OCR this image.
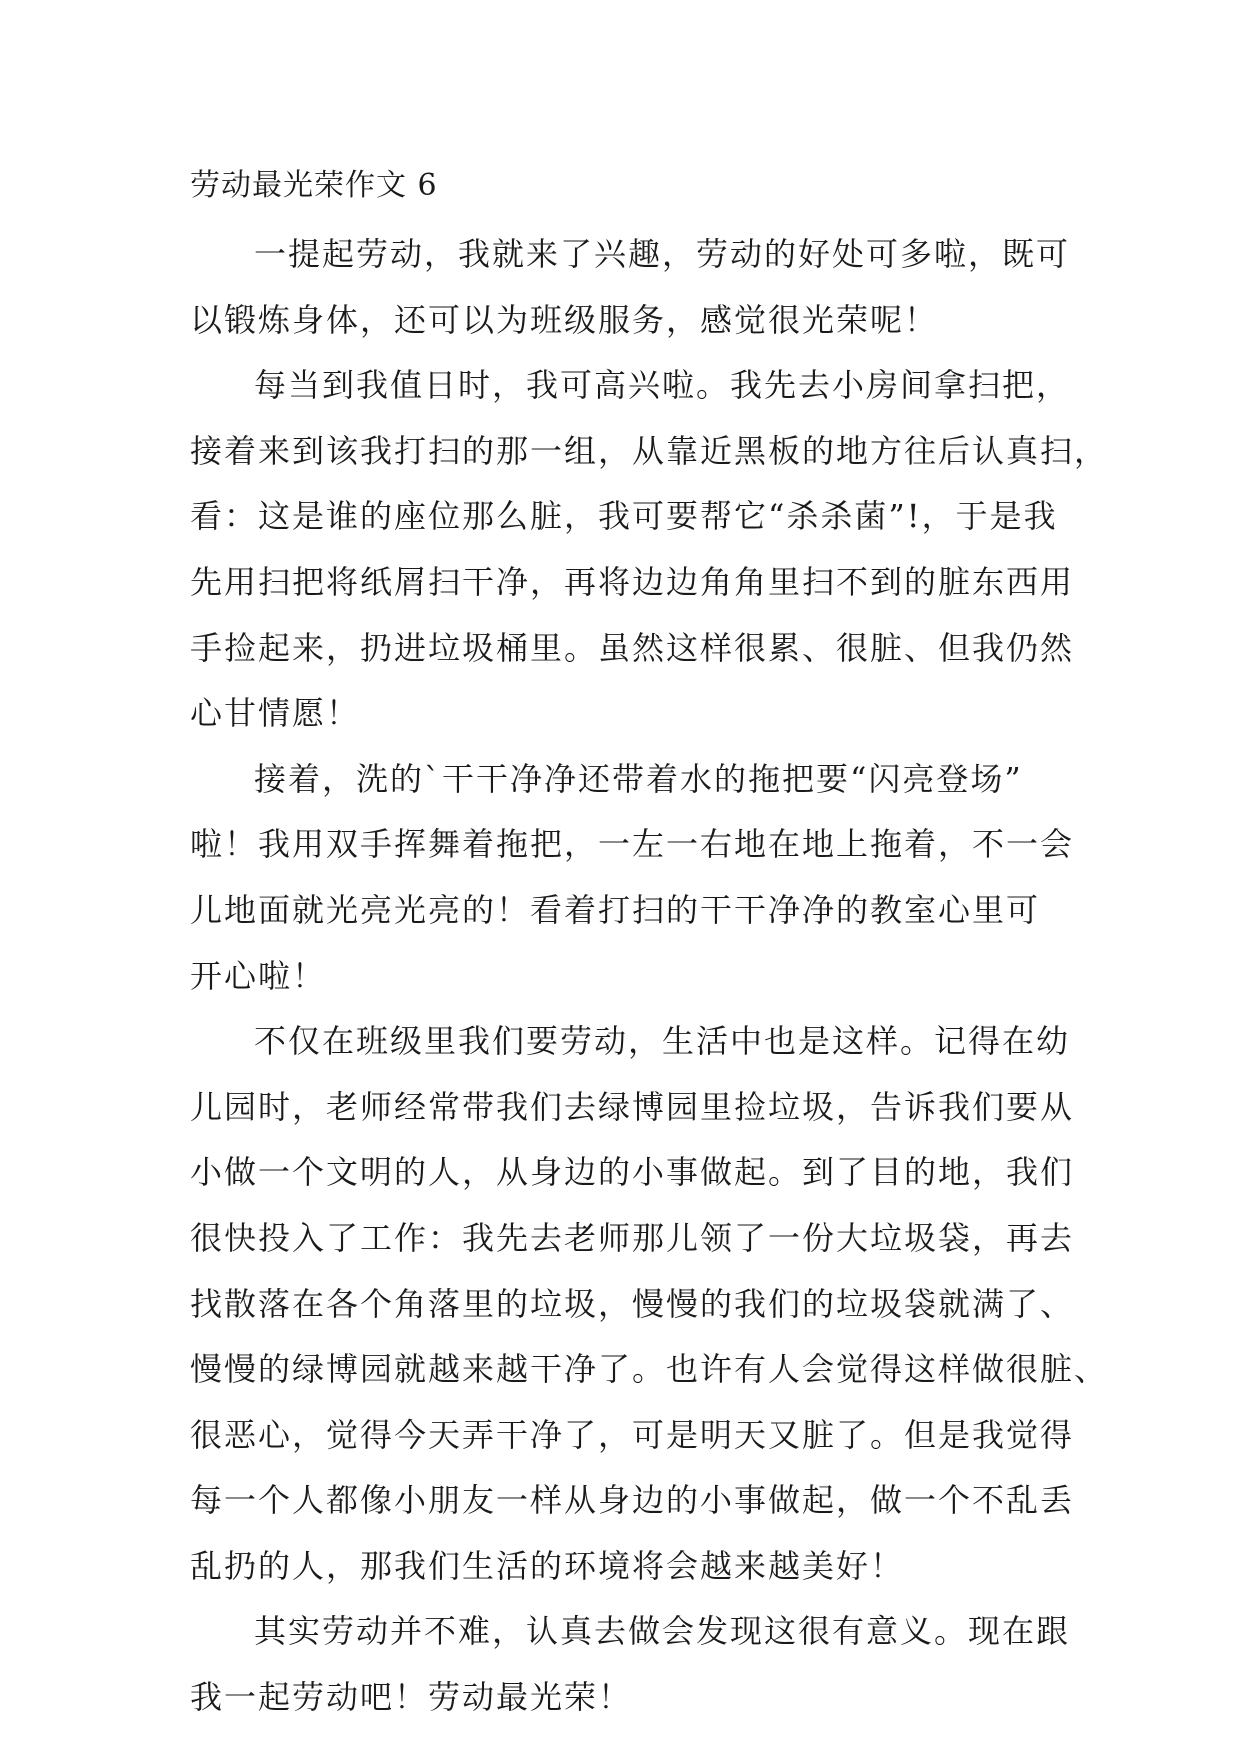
劳动最光荣作文 6
一提起劳动，我就来了兴趣，劳动的好处可多啦，既可
以锻炼身体，还可以为班级服务，感觉很光荣呢！
每当到我值日时，我可高兴啦。我先去小房间拿扫把，
接着来到该我打扫的那一组，从靠近黑板的地方往后认真扫，
看：这是谁的座位那么脏，我可要帮它“杀杀菌”!，于是我
先用扫把将纸屑扫干净，再将边边角角里扫不到的脏东西用
手捡起来，扔进垃圾桶里。虽然这样很累、很脏、但我仍然
心甘情愿！
接着，洗的`干干净净还带着水的拖把要“闪亮登场”
啦！我用双手挥舞着拖把，一左一右地在地上拖着，不一会
儿地面就光亮光亮的！看着打扫的干干净净的教室心里可
开心啦！
不仅在班级里我们要劳动，生活中也是这样。记得在幼
儿园时，老师经常带我们去绿博园里捡垃圾，告诉我们要从
小做一个文明的人，从身边的小事做起。到了目的地，我们
很快投入了工作：我先去老师那儿领了一份大垃圾袋，再去
找散落在各个角落里的垃圾，慢慢的我们的垃圾袋就满了、
慢慢的绿博园就越来越干净了。也许有人会觉得这样做很脏、
很恶心，觉得今天弄干净了，可是明天又脏了。但是我觉得
每一个人都像小朋友一样从身边的小事做起，做一个不乱丢
乱扔的人，那我们生活的环境将会越来越美好！
其实劳动并不难，认真去做会发现这很有意义。现在跟
我一起劳动吧！劳动最光荣！
